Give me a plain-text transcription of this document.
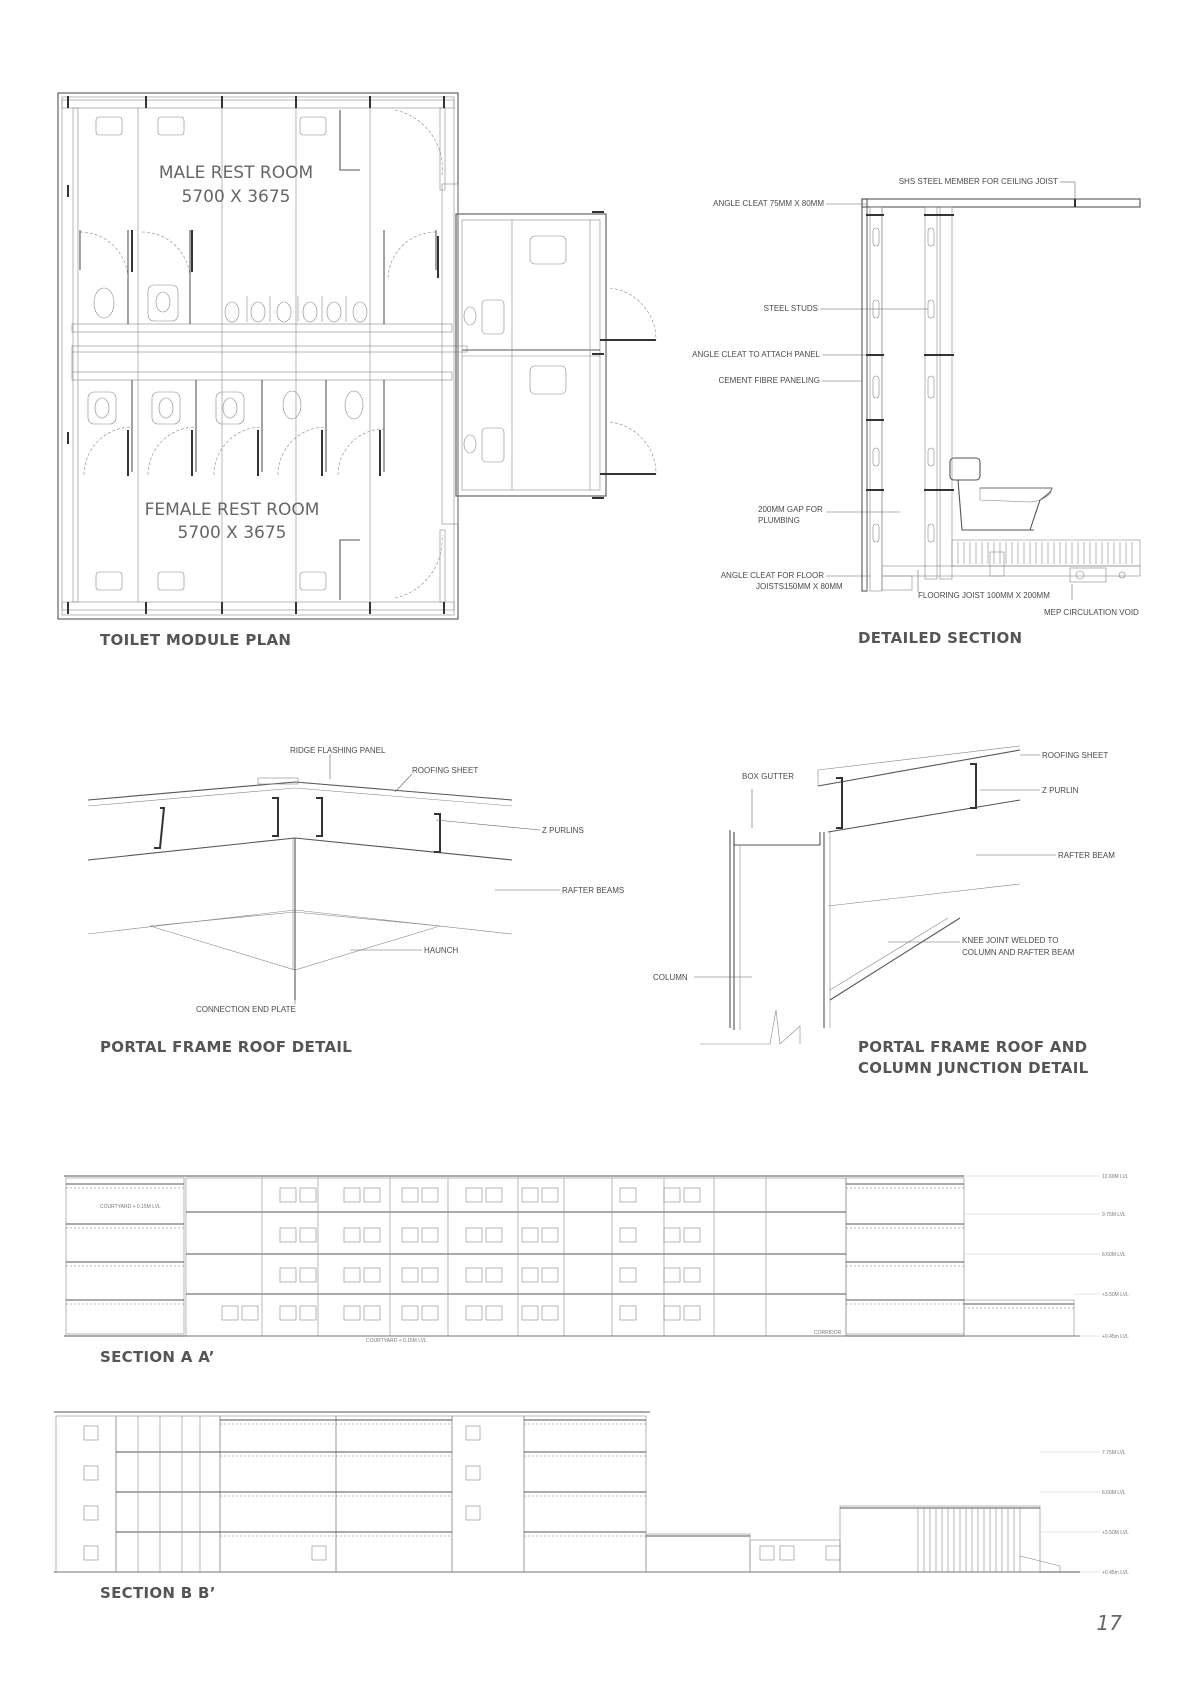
MALE REST ROOM
5700 X 3675
FEMALE REST ROOM
5700 X 3675
TOILET MODULE PLAN
SHS STEEL MEMBER FOR CEILING JOIST
ANGLE CLEAT 75MM X 80MM
STEEL STUDS
ANGLE CLEAT TO ATTACH PANEL
CEMENT FIBRE PANELING
200MM GAP FOR
PLUMBING
ANGLE CLEAT FOR FLOOR
JOISTS150MM X 80MM
FLOORING JOIST 100MM X 200MM
MEP CIRCULATION VOID
DETAILED SECTION
RIDGE FLASHING PANEL
ROOFING SHEET
Z PURLINS
RAFTER BEAMS
HAUNCH
CONNECTION END PLATE
PORTAL FRAME ROOF DETAIL
BOX GUTTER
ROOFING SHEET
Z PURLIN
RAFTER BEAM
KNEE JOINT WELDED TO
COLUMN AND RAFTER BEAM
COLUMN
PORTAL FRAME ROOF AND
COLUMN JUNCTION DETAIL
12.60M LVL
9.75M LVL
6.60M LVL
+3.50M LVL
+0.45m LVL
COURTYARD + 0.15M LVL
COURTYARD + 0.15M LVL
CORRIDOR
SECTION A A’
7.75M LVL
6.60M LVL
+3.50M LVL
+0.45m LVL
SECTION B B’
17
